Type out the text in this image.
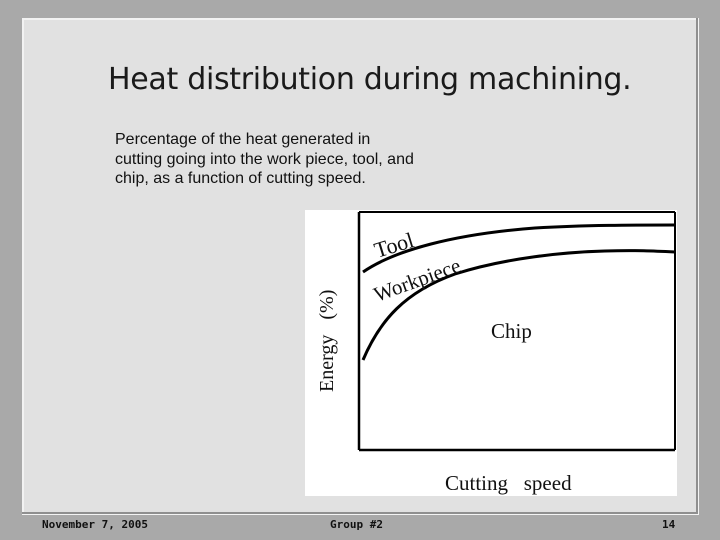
Heat distribution during machining.
Percentage of the heat generated in cutting going into the work piece, tool, and chip, as a function of cutting speed.
Tool
Workpiece
Chip
Energy   (%)
Cutting   speed
November 7, 2005	Group #2	14
